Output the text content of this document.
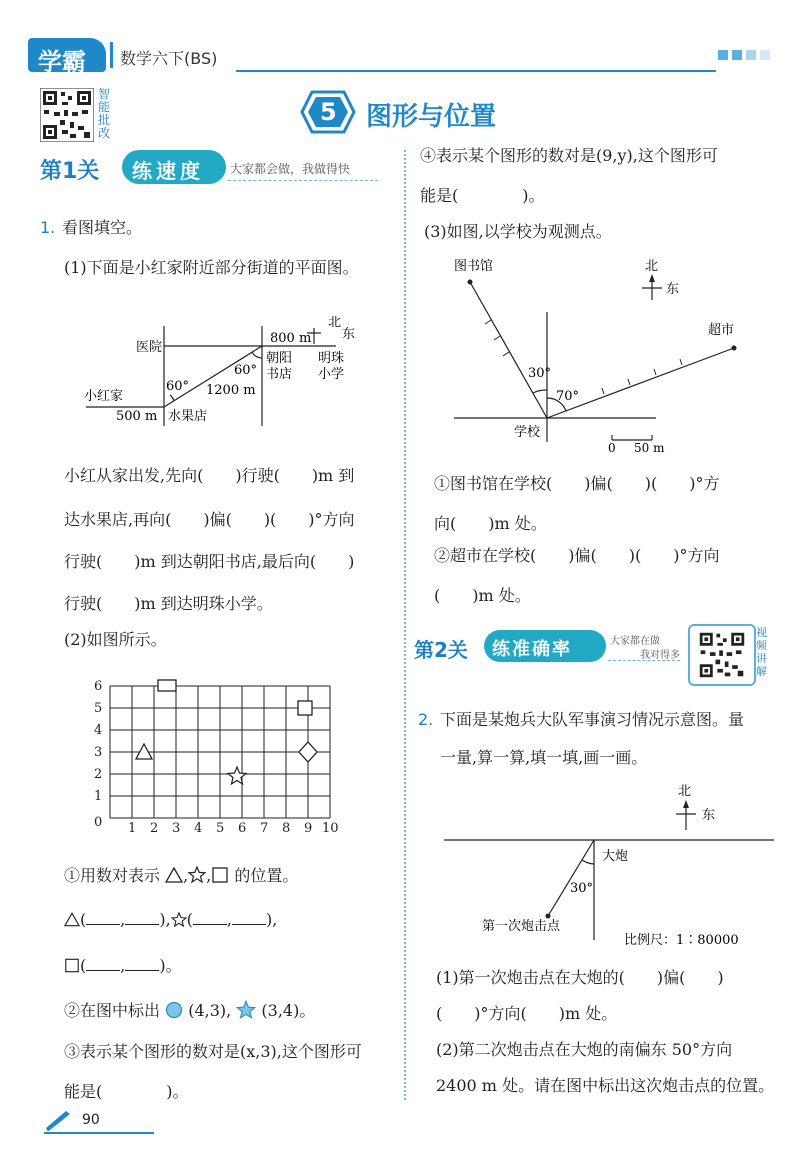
学霸 数学六下(BS)
智能批改
5 图形与位置
第1关 练速度 大家都会做，我做得快
1. 看图填空。
(1)下面是小红家附近部分街道的平面图。
北
东
医院
小红家
500 m 水果店
1200 m
60°
60°
800 m
朝阳
书店
明珠
小学
小红从家出发,先向(　　)行驶(　　)m 到
达水果店,再向(　　)偏(　　)(　　)°方向
行驶(　　)m 到达朝阳书店,最后向(　　)
行驶(　　)m 到达明珠小学。
(2)如图所示。
6
5
4
3
2
1
0 1 2 3 4 5 6 7 8 9 10
①用数对表示 , , 的位置。
( , ), ( , ),
( , )。
②在图中标出 (4,3), (3,4)。
③表示某个图形的数对是(x,3),这个图形可
能是(　　　　)。
④表示某个图形的数对是(9,y),这个图形可
能是(　　　　)。
(3)如图,以学校为观测点。
图书馆	北
东
超市
30°
70°
学校
0 50 m
①图书馆在学校(　　)偏(　　)(　　)°方
向(　　)m 处。
②超市在学校(　　)偏(　　)(　　)°方向
(　　)m 处。
第2关 练准确率	大家都在做
我对得多
视频讲解
2. 下面是某炮兵大队军事演习情况示意图。量
一量,算一算,填一填,画一画。
北
东
大炮
30°
第一次炮击点
比例尺：1∶80000
(1)第一次炮击点在大炮的(　　)偏(　　)
(　　)°方向(　　)m 处。
(2)第二次炮击点在大炮的南偏东 50°方向
2400 m 处。请在图中标出这次炮击点的位置。
90
